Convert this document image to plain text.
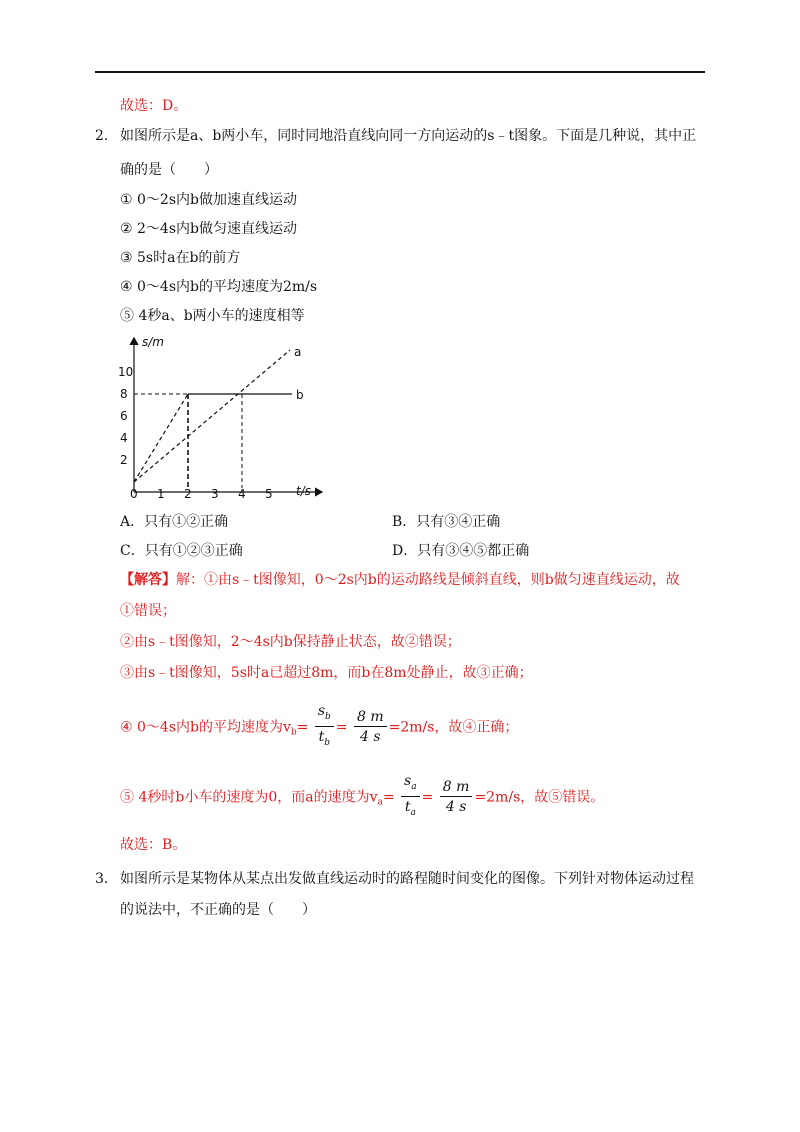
故选：D。
2． 如图所示是a、b两小车，同时同地沿直线向同一方向运动的s﹣t图象。下面是几种说，其中正
确的是（　　）
① 0～2s内b做加速直线运动
② 2～4s内b做匀速直线运动
③ 5s时a在b的前方
④ 0～4s内b的平均速度为2m/s
⑤ 4秒a、b两小车的速度相等
s/m
t/s
10
8
6
4
2
0 1 2 3 4 5
a
b
A．只有①②正确	B．只有③④正确
C．只有①②③正确	D．只有③④⑤都正确
【解答】解：①由s﹣t图像知，0～2s内b的运动路线是倾斜直线，则b做匀速直线运动，故
①错误；
②由s﹣t图像知，2～4s内b保持静止状态，故②错误；
③由s﹣t图像知，5s时a已超过8m，而b在8m处静止，故③正确；
④ 0～4s内b的平均速度为$v_b= \frac{s_b}{t_b} = \frac{8 m}{4 s} =2m/s$，故④正确；
⑤ 4秒时b小车的速度为0，而a的速度为$v_a= \frac{s_a}{t_a} = \frac{8 m}{4 s} =2m/s$，故⑤错误。
故选：B。
3． 如图所示是某物体从某点出发做直线运动时的路程随时间变化的图像。下列针对物体运动过程
的说法中，不正确的是（　　）
